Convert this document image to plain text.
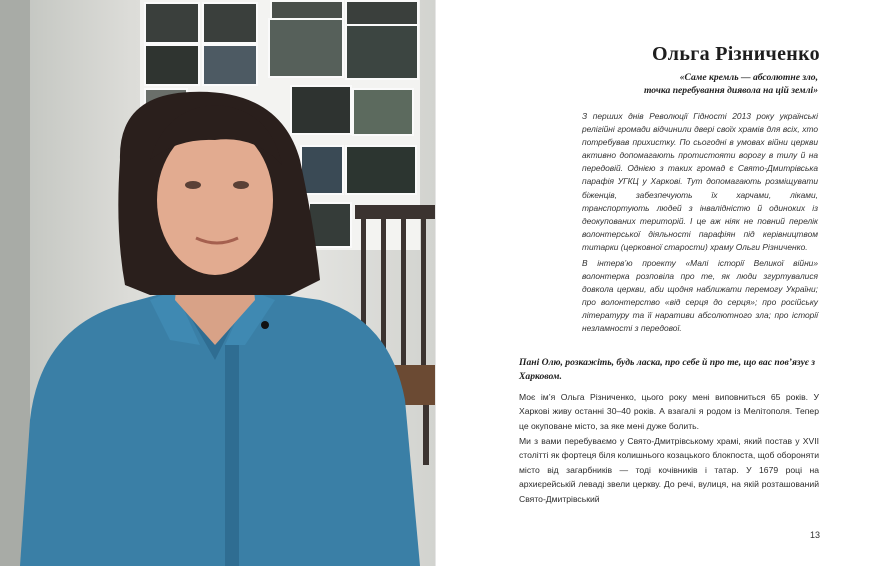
Ольга Різниченко

«Саме кремль — абсолютне зло,
точка перебування диявола на цій землі»

З перших днів Революції Гідності 2013 року українські релігійні громади відчинили двері своїх храмів для всіх, хто потребував прихистку. По сьогодні в умовах війни церкви активно допомагають протистояти ворогу в тилу й на передовій. Однією з таких громад є Свято-Дмитрівська парафія УГКЦ у Харкові. Тут допомагають розміщувати біженців, забезпечують їх харчами, ліками, транспортують людей з інвалідністю й одиноких із деокупованих територій. І це аж ніяк не повний перелік волонтерської діяльності парафіян під керівництвом титарки (церковної старости) храму Ольги Різниченко.

В інтерв’ю проекту «Малі історії Великої війни» волонтерка розповіла про те, як люди згуртувалися довкола церкви, аби щодня наближати перемогу України; про волонтерство «від серця до серця»; про російську літературу та її наративи абсолютного зла; про історії незламності з передової.

Пані Олю, розкажіть, будь ласка, про себе й про те, що вас пов’язує з Харковом.

Моє ім’я Ольга Різниченко, цього року мені виповниться 65 років. У Харкові живу останні 30–40 років. А взагалі я родом із Мелітополя. Тепер це окуповане місто, за яке мені дуже болить.

Ми з вами перебуваємо у Свято-Дмитрівському храмі, який постав у XVII столітті як фортеця біля колишнього козацького блокпоста, щоб обороняти місто від загарбників — тоді кочівників і татар. У 1679 році на архиєрейській леваді звели церкву. До речі, вулиця, на якій розташований Свято-Дмитрівський

13
